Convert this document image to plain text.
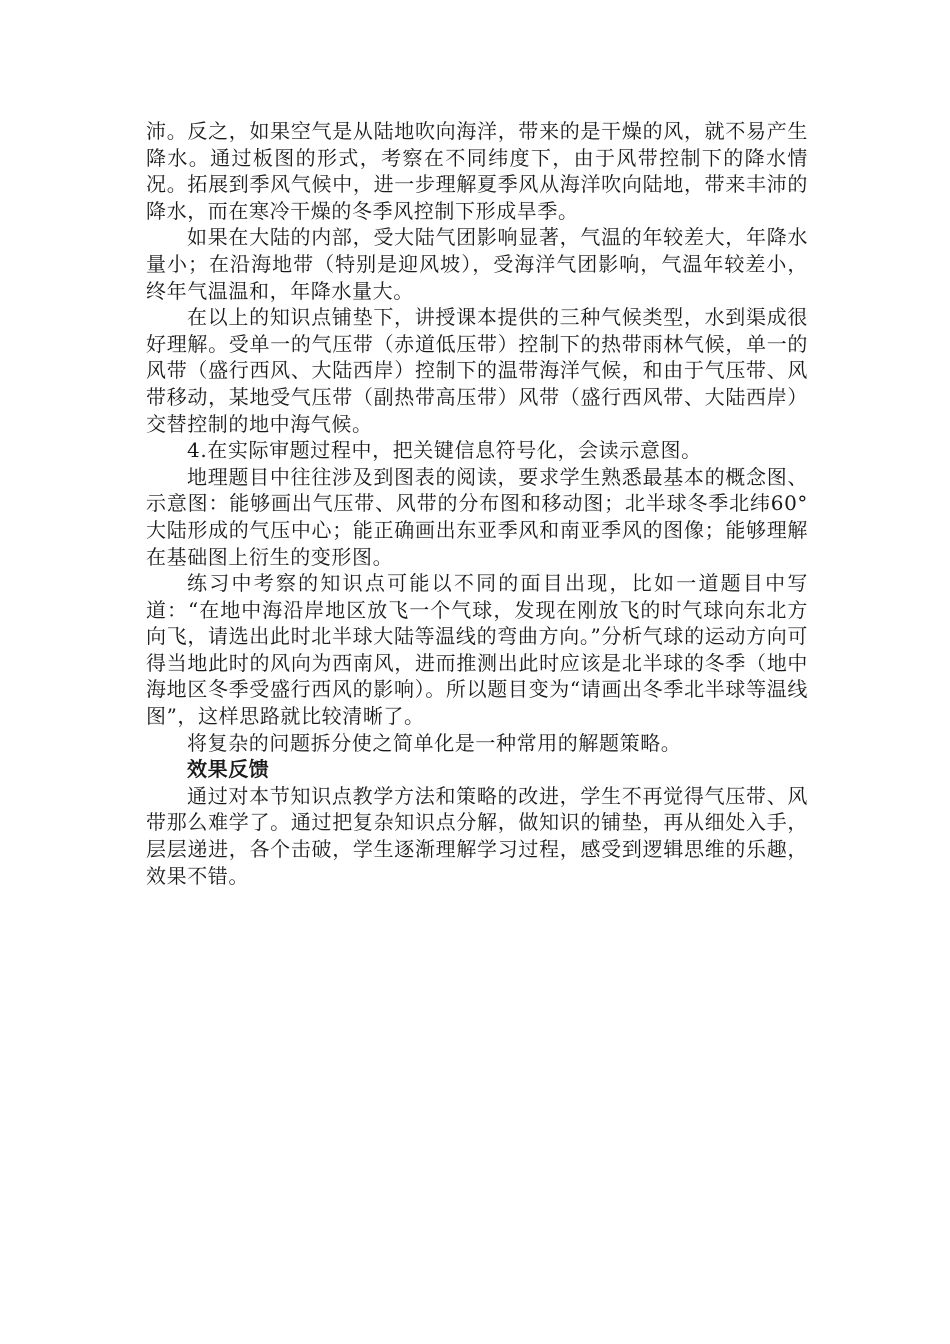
沛。反之，如果空气是从陆地吹向海洋，带来的是干燥的风，就不易产生降水。通过板图的形式，考察在不同纬度下，由于风带控制下的降水情况。拓展到季风气候中，进一步理解夏季风从海洋吹向陆地，带来丰沛的降水，而在寒冷干燥的冬季风控制下形成旱季。

如果在大陆的内部，受大陆气团影响显著，气温的年较差大，年降水量小；在沿海地带（特别是迎风坡），受海洋气团影响，气温年较差小，终年气温温和，年降水量大。

在以上的知识点铺垫下，讲授课本提供的三种气候类型，水到渠成很好理解。受单一的气压带（赤道低压带）控制下的热带雨林气候，单一的风带（盛行西风、大陆西岸）控制下的温带海洋气候，和由于气压带、风带移动，某地受气压带（副热带高压带）风带（盛行西风带、大陆西岸）交替控制的地中海气候。

4.在实际审题过程中，把关键信息符号化，会读示意图。

地理题目中往往涉及到图表的阅读，要求学生熟悉最基本的概念图、示意图：能够画出气压带、风带的分布图和移动图；北半球冬季北纬60°大陆形成的气压中心；能正确画出东亚季风和南亚季风的图像；能够理解在基础图上衍生的变形图。

练习中考察的知识点可能以不同的面目出现，比如一道题目中写道：“在地中海沿岸地区放飞一个气球，发现在刚放飞的时气球向东北方向飞，请选出此时北半球大陆等温线的弯曲方向。”分析气球的运动方向可得当地此时的风向为西南风，进而推测出此时应该是北半球的冬季（地中海地区冬季受盛行西风的影响）。所以题目变为“请画出冬季北半球等温线图”，这样思路就比较清晰了。

将复杂的问题拆分使之简单化是一种常用的解题策略。

效果反馈

通过对本节知识点教学方法和策略的改进，学生不再觉得气压带、风带那么难学了。通过把复杂知识点分解，做知识的铺垫，再从细处入手，层层递进，各个击破，学生逐渐理解学习过程，感受到逻辑思维的乐趣，效果不错。
